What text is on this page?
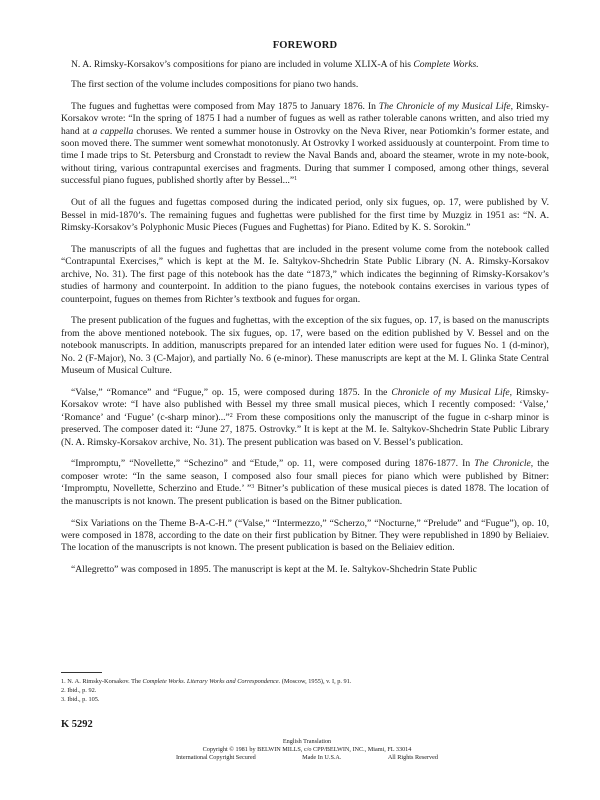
FOREWORD

N. A. Rimsky-Korsakov’s compositions for piano are included in volume XLIX-A of his Complete Works.

The first section of the volume includes compositions for piano two hands.

The fugues and fughettas were composed from May 1875 to January 1876. In The Chronicle of my Musical Life, Rimsky-Korsakov wrote: “In the spring of 1875 I had a number of fugues as well as rather tolerable canons written, and also tried my hand at a cappella choruses. We rented a summer house in Ostrovky on the Neva River, near Potiomkin’s former estate, and soon moved there. The summer went somewhat monotonusly. At Ostrovky I worked assiduously at counterpoint. From time to time I made trips to St. Petersburg and Cronstadt to review the Naval Bands and, aboard the steamer, wrote in my note-book, without tiring, various contrapuntal exercises and fragments. During that summer I composed, among other things, several successful piano fugues, published shortly after by Bessel...”$^1$

Out of all the fugues and fugettas composed during the indicated period, only six fugues, op. 17, were published by V. Bessel in mid-1870’s. The remaining fugues and fughettas were published for the first time by Muzgiz in 1951 as: “N. A. Rimsky-Korsakov’s Polyphonic Music Pieces (Fugues and Fughettas) for Piano. Edited by K. S. Sorokin.”

The manuscripts of all the fugues and fughettas that are included in the present volume come from the notebook called “Contrapuntal Exercises,” which is kept at the M. Ie. Saltykov-Shchedrin State Public Library (N. A. Rimsky-Korsakov archive, No. 31). The first page of this notebook has the date “1873,” which indicates the beginning of Rimsky-Korsakov’s studies of harmony and counterpoint. In addition to the piano fugues, the notebook contains exercises in various types of counterpoint, fugues on themes from Richter’s textbook and fugues for organ.

The present publication of the fugues and fughettas, with the exception of the six fugues, op. 17, is based on the manuscripts from the above mentioned notebook. The six fugues, op. 17, were based on the edition published by V. Bessel and on the notebook manuscripts. In addition, manuscripts prepared for an intended later edition were used for fugues No. 1 (d-minor), No. 2 (F-Major), No. 3 (C-Major), and partially No. 6 (e-minor). These manuscripts are kept at the M. I. Glinka State Central Museum of Musical Culture.

“Valse,” “Romance” and “Fugue,” op. 15, were composed during 1875. In the Chronicle of my Musical Life, Rimsky-Korsakov wrote: “I have also published with Bessel my three small musical pieces, which I recently composed: ‘Valse,’ ‘Romance’ and ‘Fugue’ (c-sharp minor)...”$^2$ From these compositions only the manuscript of the fugue in c-sharp minor is preserved. The composer dated it: “June 27, 1875. Ostrovky.” It is kept at the M. Ie. Saltykov-Shchedrin State Public Library (N. A. Rimsky-Korsakov archive, No. 31). The present publication was based on V. Bessel’s publication.

“Impromptu,” “Novellette,” “Schezino” and “Etude,” op. 11, were composed during 1876-1877. In The Chronicle, the composer wrote: “In the same season, I composed also four small pieces for piano which were published by Bitner: ‘Impromptu, Novellette, Scherzino and Etude.’ ”$^3$ Bitner’s publication of these musical pieces is dated 1878. The location of the manuscripts is not known. The present publication is based on the Bitner publication.

“Six Variations on the Theme B-A-C-H.” (“Valse,” “Intermezzo,” “Scherzo,” “Nocturne,” “Prelude” and “Fugue”), op. 10, were composed in 1878, according to the date on their first publication by Bitner. They were republished in 1890 by Beliaiev. The location of the manuscripts is not known. The present publication is based on the Beliaiev edition.

“Allegretto” was composed in 1895. The manuscript is kept at the M. Ie. Saltykov-Shchedrin State Public

1. N. A. Rimsky-Korsakov. The Complete Works. Literary Works and Correspondence. (Moscow, 1955), v. I, p. 91.
2. Ibid., p. 92.
3. Ibid., p. 105.
K 5292
English Translation
Copyright © 1981 by BELWIN MILLS, c/o CPP/BELWIN, INC., Miami, FL 33014
International Copyright Secured	Made In U.S.A.	All Rights Reserved
